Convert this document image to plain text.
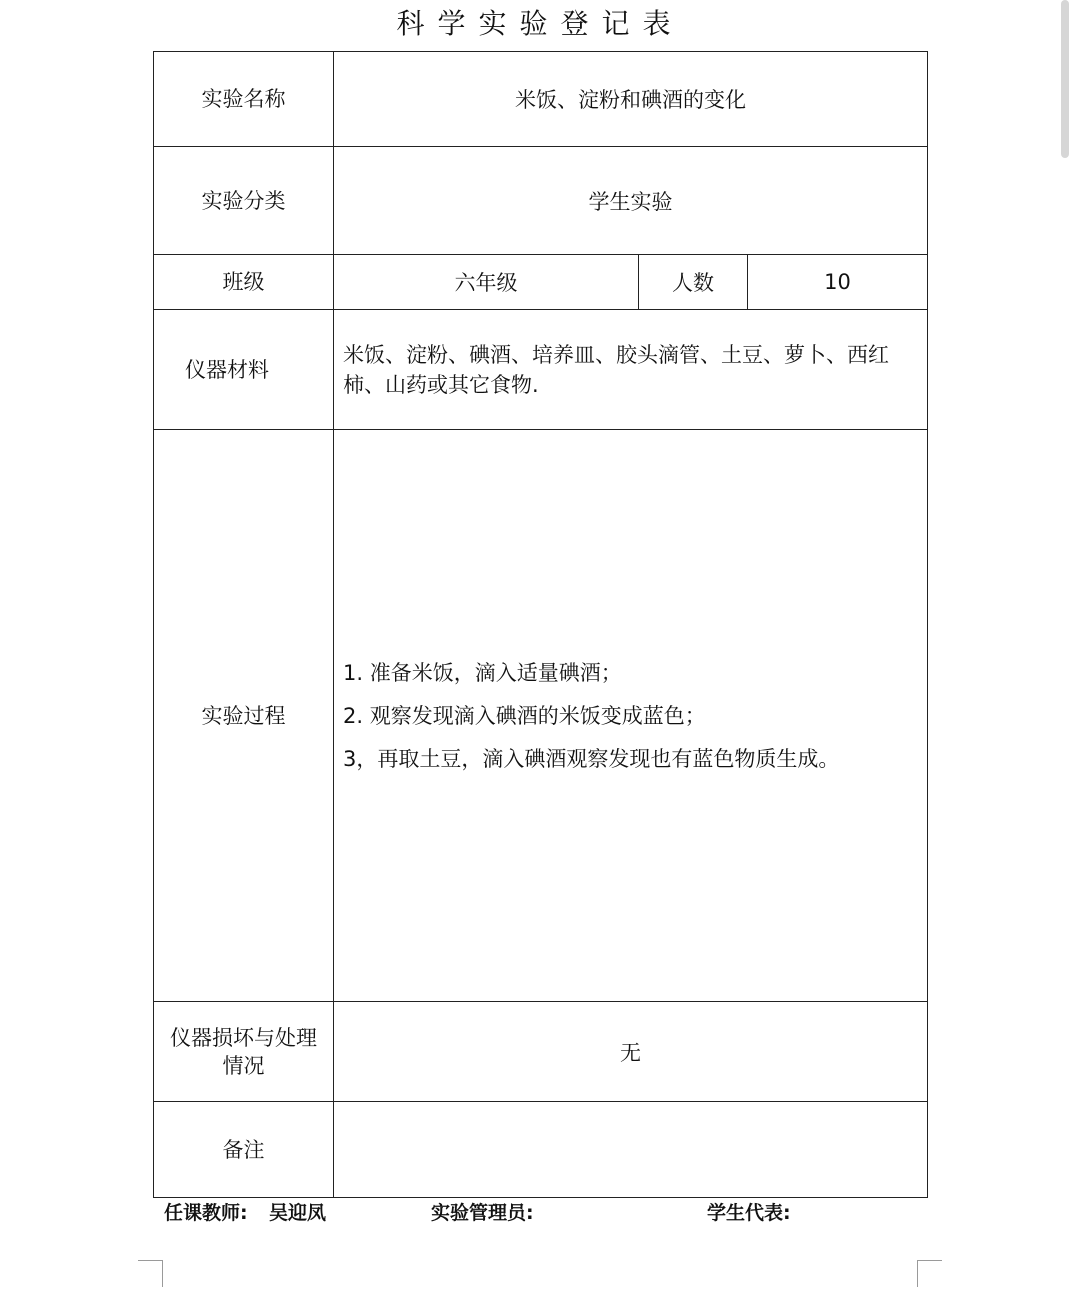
科学实验登记表
实验名称	米饭、淀粉和碘酒的变化		
实验分类	学生实验		
班级	六年级	人数	10
仪器材料	米饭、淀粉、碘酒、培养皿、胶头滴管、土豆、萝卜、西红柿、山药或其它食物.		
实验过程	1. 准备米饭，滴入适量碘酒；
2. 观察发现滴入碘酒的米饭变成蓝色；
3，再取土豆，滴入碘酒观察发现也有蓝色物质生成。		

仪器损坏与处理
情况	无		
备注			
任课教师: 吴迎凤	实验管理员:	学生代表:
